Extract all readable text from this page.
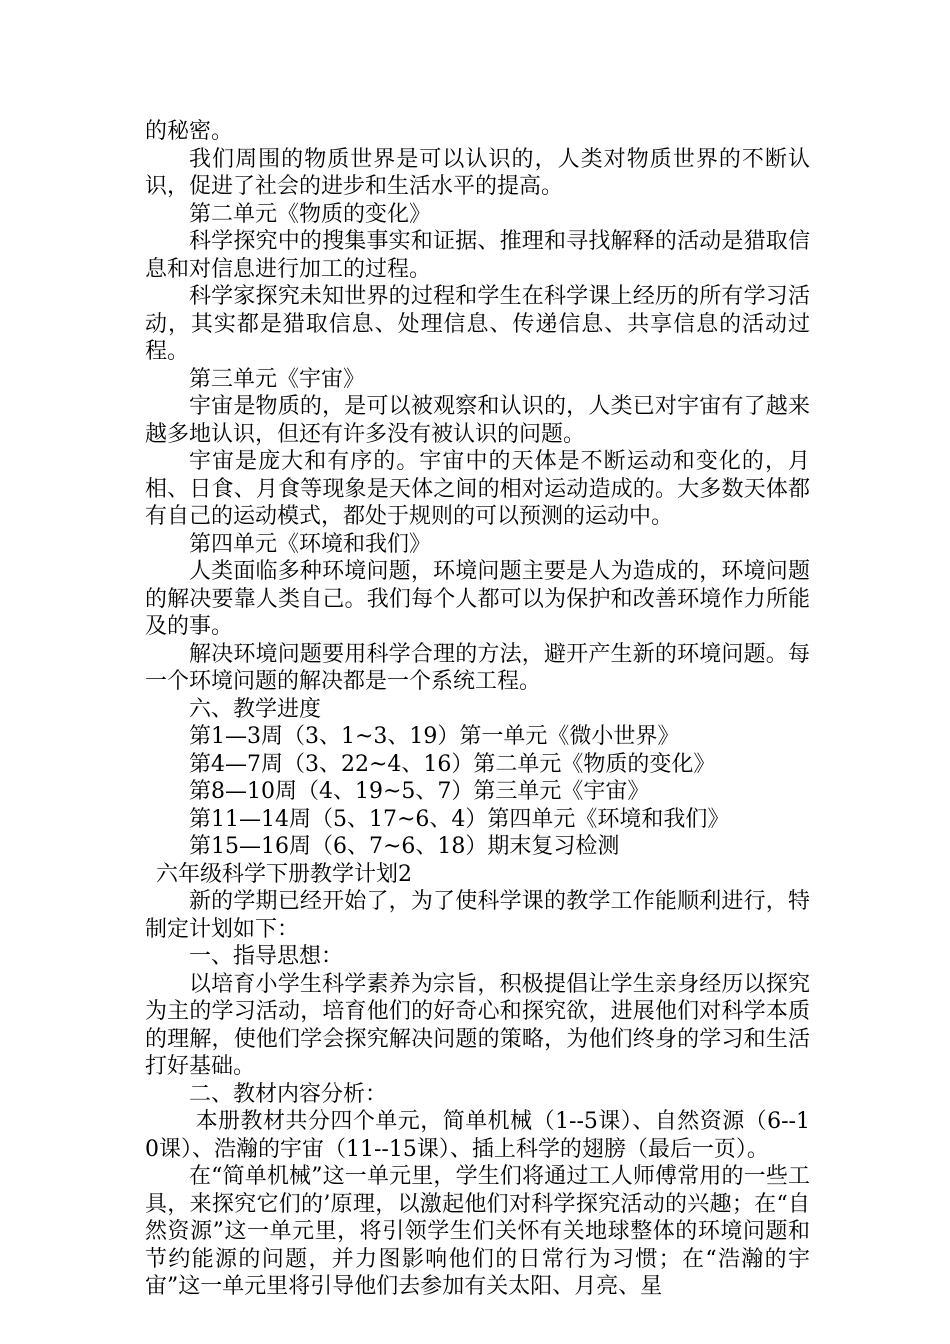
的秘密。

我们周围的物质世界是可以认识的，人类对物质世界的不断认识，促进了社会的进步和生活水平的提高。

第二单元《物质的变化》

科学探究中的搜集事实和证据、推理和寻找解释的活动是猎取信息和对信息进行加工的过程。

科学家探究未知世界的过程和学生在科学课上经历的所有学习活动，其实都是猎取信息、处理信息、传递信息、共享信息的活动过程。

第三单元《宇宙》

宇宙是物质的，是可以被观察和认识的，人类已对宇宙有了越来越多地认识，但还有许多没有被认识的问题。

宇宙是庞大和有序的。宇宙中的天体是不断运动和变化的，月相、日食、月食等现象是天体之间的相对运动造成的。大多数天体都有自己的运动模式，都处于规则的可以预测的运动中。

第四单元《环境和我们》

人类面临多种环境问题，环境问题主要是人为造成的，环境问题的解决要靠人类自己。我们每个人都可以为保护和改善环境作力所能及的事。

解决环境问题要用科学合理的方法，避开产生新的环境问题。每一个环境问题的解决都是一个系统工程。

六、教学进度

第1—3周（3、1~3、19）第一单元《微小世界》

第4—7周（3、22~4、16）第二单元《物质的变化》

第8—10周（4、19~5、7）第三单元《宇宙》

第11—14周（5、17~6、4）第四单元《环境和我们》

第15—16周（6、7~6、18）期末复习检测

六年级科学下册教学计划2

新的学期已经开始了，为了使科学课的教学工作能顺利进行，特制定计划如下：

一、指导思想：

以培育小学生科学素养为宗旨，积极提倡让学生亲身经历以探究为主的学习活动，培育他们的好奇心和探究欲，进展他们对科学本质的理解，使他们学会探究解决问题的策略，为他们终身的学习和生活打好基础。

二、教材内容分析：

本册教材共分四个单元，简单机械（1--5课）、自然资源（6--10课）、浩瀚的宇宙（11--15课）、插上科学的翅膀（最后一页）。

在“简单机械”这一单元里，学生们将通过工人师傅常用的一些工具，来探究它们的’原理，以激起他们对科学探究活动的兴趣；在“自然资源”这一单元里，将引领学生们关怀有关地球整体的环境问题和节约能源的问题，并力图影响他们的日常行为习惯；在“浩瀚的宇宙”这一单元里将引导他们去参加有关太阳、月亮、星
